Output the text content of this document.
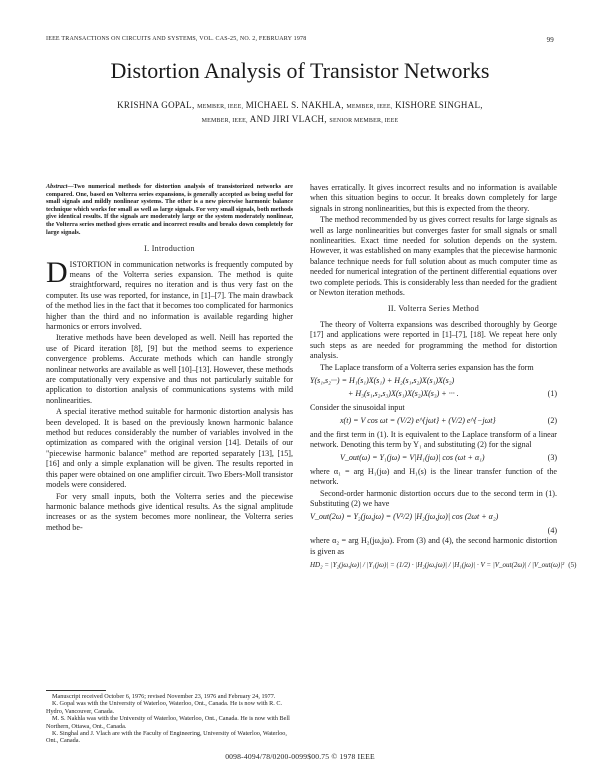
IEEE TRANSACTIONS ON CIRCUITS AND SYSTEMS, VOL. CAS-25, NO. 2, FEBRUARY 1978	99
Distortion Analysis of Transistor Networks
KRISHNA GOPAL, MEMBER, IEEE, MICHAEL S. NAKHLA, MEMBER, IEEE, KISHORE SINGHAL,
MEMBER, IEEE, AND JIRI VLACH, SENIOR MEMBER, IEEE
Abstract—Two numerical methods for distortion analysis of transistorized networks are compared. One, based on Volterra series expansions, is generally accepted as being useful for small signals and mildly nonlinear systems. The other is a new piecewise harmonic balance technique which works for small as well as large signals. For very small signals, both methods give identical results. If the signals are moderately large or the system moderately nonlinear, the Volterra series method gives erratic and incorrect results and breaks down completely for large signals.
I. Introduction

DISTORTION in communication networks is frequently computed by means of the Volterra series expansion. The method is quite straightforward, requires no iteration and is thus very fast on the computer. Its use was reported, for instance, in [1]–[7]. The main drawback of the method lies in the fact that it becomes too complicated for harmonics higher than the third and no information is available regarding higher harmonics or errors involved.

Iterative methods have been developed as well. Neill has reported the use of Picard iteration [8], [9] but the method seems to experience convergence problems. Accurate methods which can handle strongly nonlinear networks are available as well [10]–[13]. However, these methods are computationally very expensive and thus not particularly suitable for application to distortion analysis of communications systems with mild nonlinearities.

A special iterative method suitable for harmonic distortion analysis has been developed. It is based on the previously known harmonic balance method but reduces considerably the number of variables involved in the optimization as compared with the original version [14]. Details of our "piecewise harmonic balance" method are reported separately [13], [15], [16] and only a simple explanation will be given. The results reported in this paper were obtained on one amplifier circuit. Two Ebers-Moll transistor models were considered.

For very small inputs, both the Volterra series and the piecewise harmonic balance methods give identical results. As the signal amplitude increases or as the system becomes more nonlinear, the Volterra series method be-

haves erratically. It gives incorrect results and no information is available when this situation begins to occur. It breaks down completely for large signals in strong nonlinearities, but this is expected from the theory.

The method recommended by us gives correct results for large signals as well as large nonlinearities but converges faster for small signals or small nonlinearities. Exact time needed for solution depends on the system. However, it was established on many examples that the piecewise harmonic balance technique needs for full solution about as much computer time as needed for numerical integration of the pertinent differential equations over two complete periods. This is considerably less than needed for the gradient or Newton iteration methods.

II. Volterra Series Method

The theory of Volterra expansions was described thoroughly by George [17] and applications were reported in [1]–[7], [18]. We repeat here only such steps as are needed for programming the method for distortion analysis.

The Laplace transform of a Volterra series expansion has the form

Y(s₁,s₂···) = H₁(s₁)X(s₁) + H₂(s₁,s₂)X(s₁)X(s₂)
+ H₃(s₁,s₂,s₃)X(s₁)X(s₂)X(s₃) + ··· .	(1)

Consider the sinusoidal input

x(t) = V cos ωt = (V/2) e^{jωt} + (V/2) e^{−jωt}	(2)

and the first term in (1). It is equivalent to the Laplace transform of a linear network. Denoting this term by Y₁ and substituting (2) for the signal

V_out(ω) = Y₁(jω) = V|H₁(jω)| cos (ωt + α₁)	(3)

where α₁ = arg H₁(jω) and H₁(s) is the linear transfer function of the network.

Second-order harmonic distortion occurs due to the second term in (1). Substituting (2) we have

V_out(2ω) = Y₂(jω,jω) = (V²/2) |H₂(jω,jω)| cos (2ωt + α₂)
(4)

where α₂ = arg H₂(jω,jω). From (3) and (4), the second harmonic distortion is given as

HD₂ = |Y₂(jω,jω)| / |Y₁(jω)| = (1/2) · |H₂(jω,jω)| / |H₁(jω)| · V = |V_out(2ω)| / |V_out(ω)|² (5)
Manuscript received October 6, 1976; revised November 23, 1976 and February 24, 1977.
K. Gopal was with the University of Waterloo, Waterloo, Ont., Canada. He is now with R. C. Hydro, Vancouver, Canada.
M. S. Nakhla was with the University of Waterloo, Waterloo, Ont., Canada. He is now with Bell Northern, Ottawa, Ont., Canada.
K. Singhal and J. Vlach are with the Faculty of Engineering, University of Waterloo, Waterloo, Ont., Canada.
0098-4094/78/0200-0099$00.75 © 1978 IEEE
